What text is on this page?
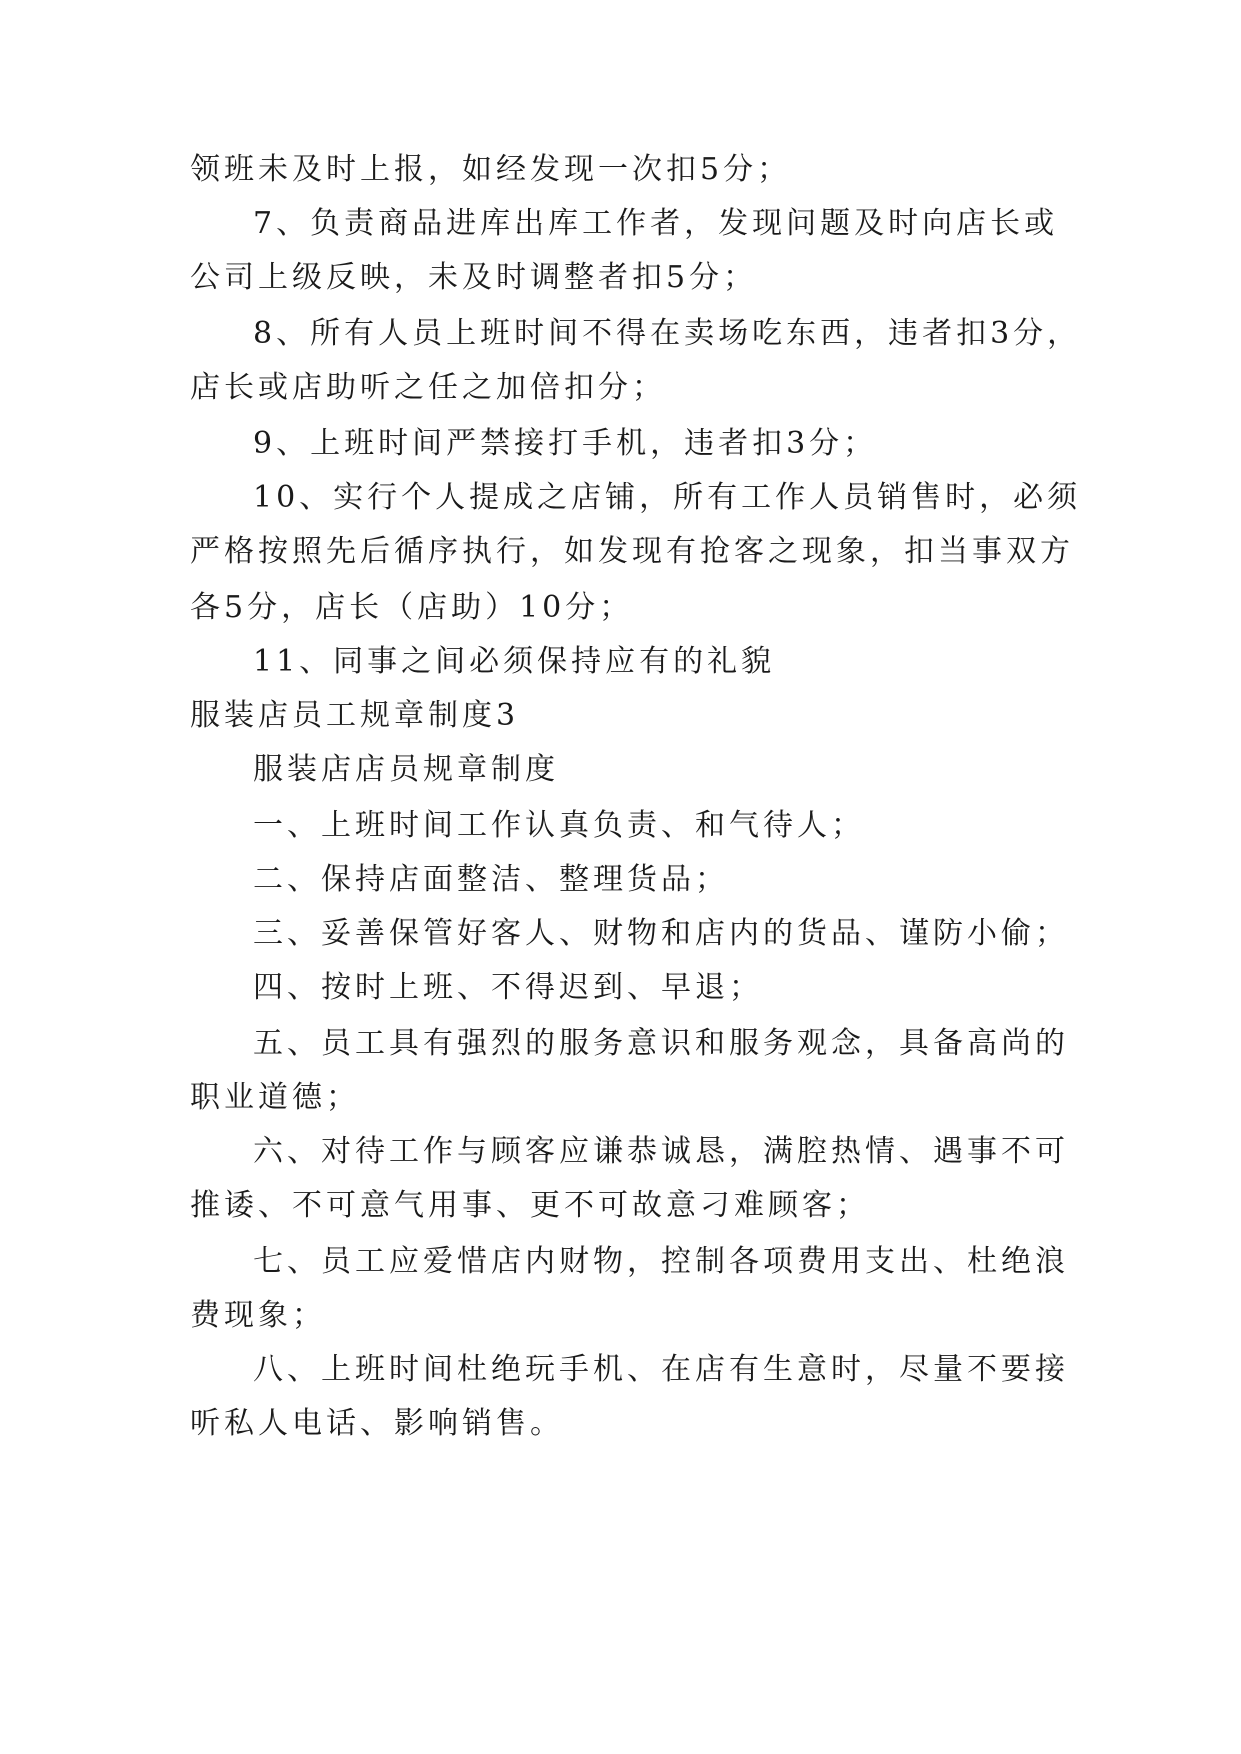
领班未及时上报，如经发现一次扣5分；
7、负责商品进库出库工作者，发现问题及时向店长或
公司上级反映，未及时调整者扣5分；
8、所有人员上班时间不得在卖场吃东西，违者扣3分，
店长或店助听之任之加倍扣分；
9、上班时间严禁接打手机，违者扣3分；
10、实行个人提成之店铺，所有工作人员销售时，必须
严格按照先后循序执行，如发现有抢客之现象，扣当事双方
各5分，店长（店助）10分；
11、同事之间必须保持应有的礼貌
服装店员工规章制度3
服装店店员规章制度
一、上班时间工作认真负责、和气待人；
二、保持店面整洁、整理货品；
三、妥善保管好客人、财物和店内的货品、谨防小偷；
四、按时上班、不得迟到、早退；
五、员工具有强烈的服务意识和服务观念，具备高尚的
职业道德；
六、对待工作与顾客应谦恭诚恳，满腔热情、遇事不可
推诿、不可意气用事、更不可故意刁难顾客；
七、员工应爱惜店内财物，控制各项费用支出、杜绝浪
费现象；
八、上班时间杜绝玩手机、在店有生意时，尽量不要接
听私人电话、影响销售。
